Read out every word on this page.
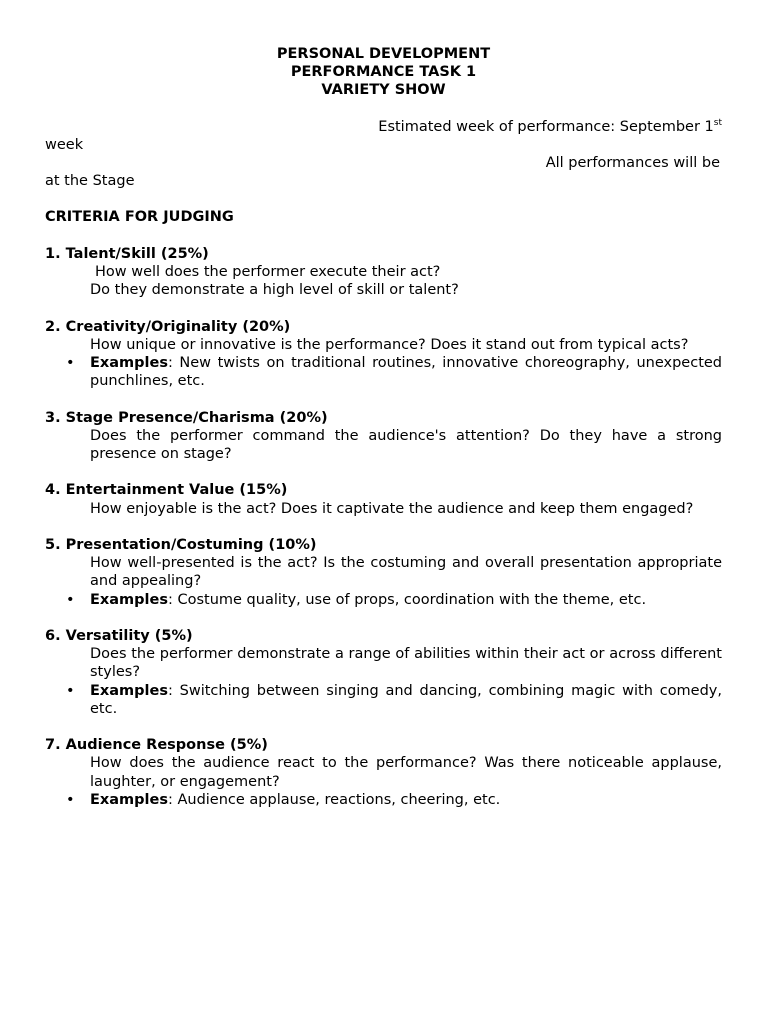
PERSONAL DEVELOPMENT
PERFORMANCE TASK 1
VARIETY SHOW
Estimated week of performance: September 1st
week
All performances will be
at the Stage
CRITERIA FOR JUDGING
1. Talent/Skill (25%)
How well does the performer execute their act?
Do they demonstrate a high level of skill or talent?
2. Creativity/Originality (20%)
How unique or innovative is the performance? Does it stand out from typical acts?
• Examples: New twists on traditional routines, innovative choreography, unexpected punchlines, etc.
3. Stage Presence/Charisma (20%)
Does the performer command the audience's attention? Do they have a strong presence on stage?
4. Entertainment Value (15%)
How enjoyable is the act? Does it captivate the audience and keep them engaged?
5. Presentation/Costuming (10%)
How well-presented is the act? Is the costuming and overall presentation appropriate and appealing?
• Examples: Costume quality, use of props, coordination with the theme, etc.
6. Versatility (5%)
Does the performer demonstrate a range of abilities within their act or across different styles?
• Examples: Switching between singing and dancing, combining magic with comedy, etc.
7. Audience Response (5%)
How does the audience react to the performance? Was there noticeable applause, laughter, or engagement?
• Examples: Audience applause, reactions, cheering, etc.
